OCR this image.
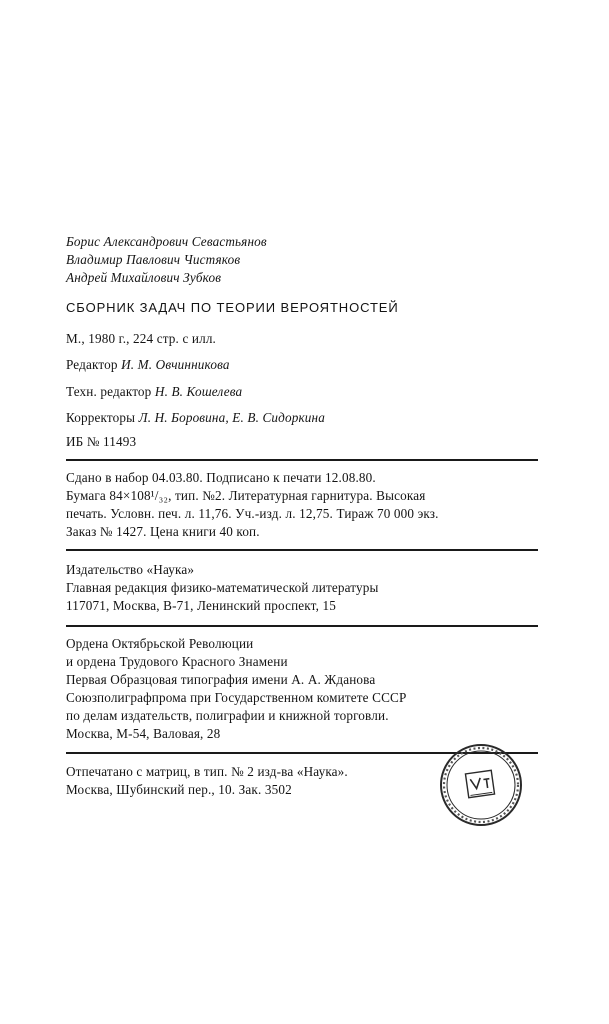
Борис Александрович Севастьянов
Владимир Павлович Чистяков
Андрей Михайлович Зубков
СБОРНИК ЗАДАЧ ПО ТЕОРИИ ВЕРОЯТНОСТЕЙ
М., 1980 г., 224 стр. с илл.
Редактор И. М. Овчинникова
Техн. редактор Н. В. Кошелева
Корректоры Л. Н. Боровина, Е. В. Сидоркина
ИБ № 11493
Сдано в набор 04.03.80. Подписано к печати 12.08.80.
Бумага 84×108¹/₃₂, тип. №2. Литературная гарнитура. Высокая
печать. Условн. печ. л. 11,76. Уч.-изд. л. 12,75. Тираж 70 000 экз.
Заказ № 1427. Цена книги 40 коп.
Издательство «Наука»
Главная редакция физико-математической литературы
117071, Москва, В-71, Ленинский проспект, 15
Ордена Октябрьской Революции
и ордена Трудового Красного Знамени
Первая Образцовая типография имени А. А. Жданова
Союзполиграфпрома при Государственном комитете СССР
по делам издательств, полиграфии и книжной торговли.
Москва, М-54, Валовая, 28
Отпечатано с матриц, в тип. № 2 изд-ва «Наука».
Москва, Шубинский пер., 10. Зак. 3502
